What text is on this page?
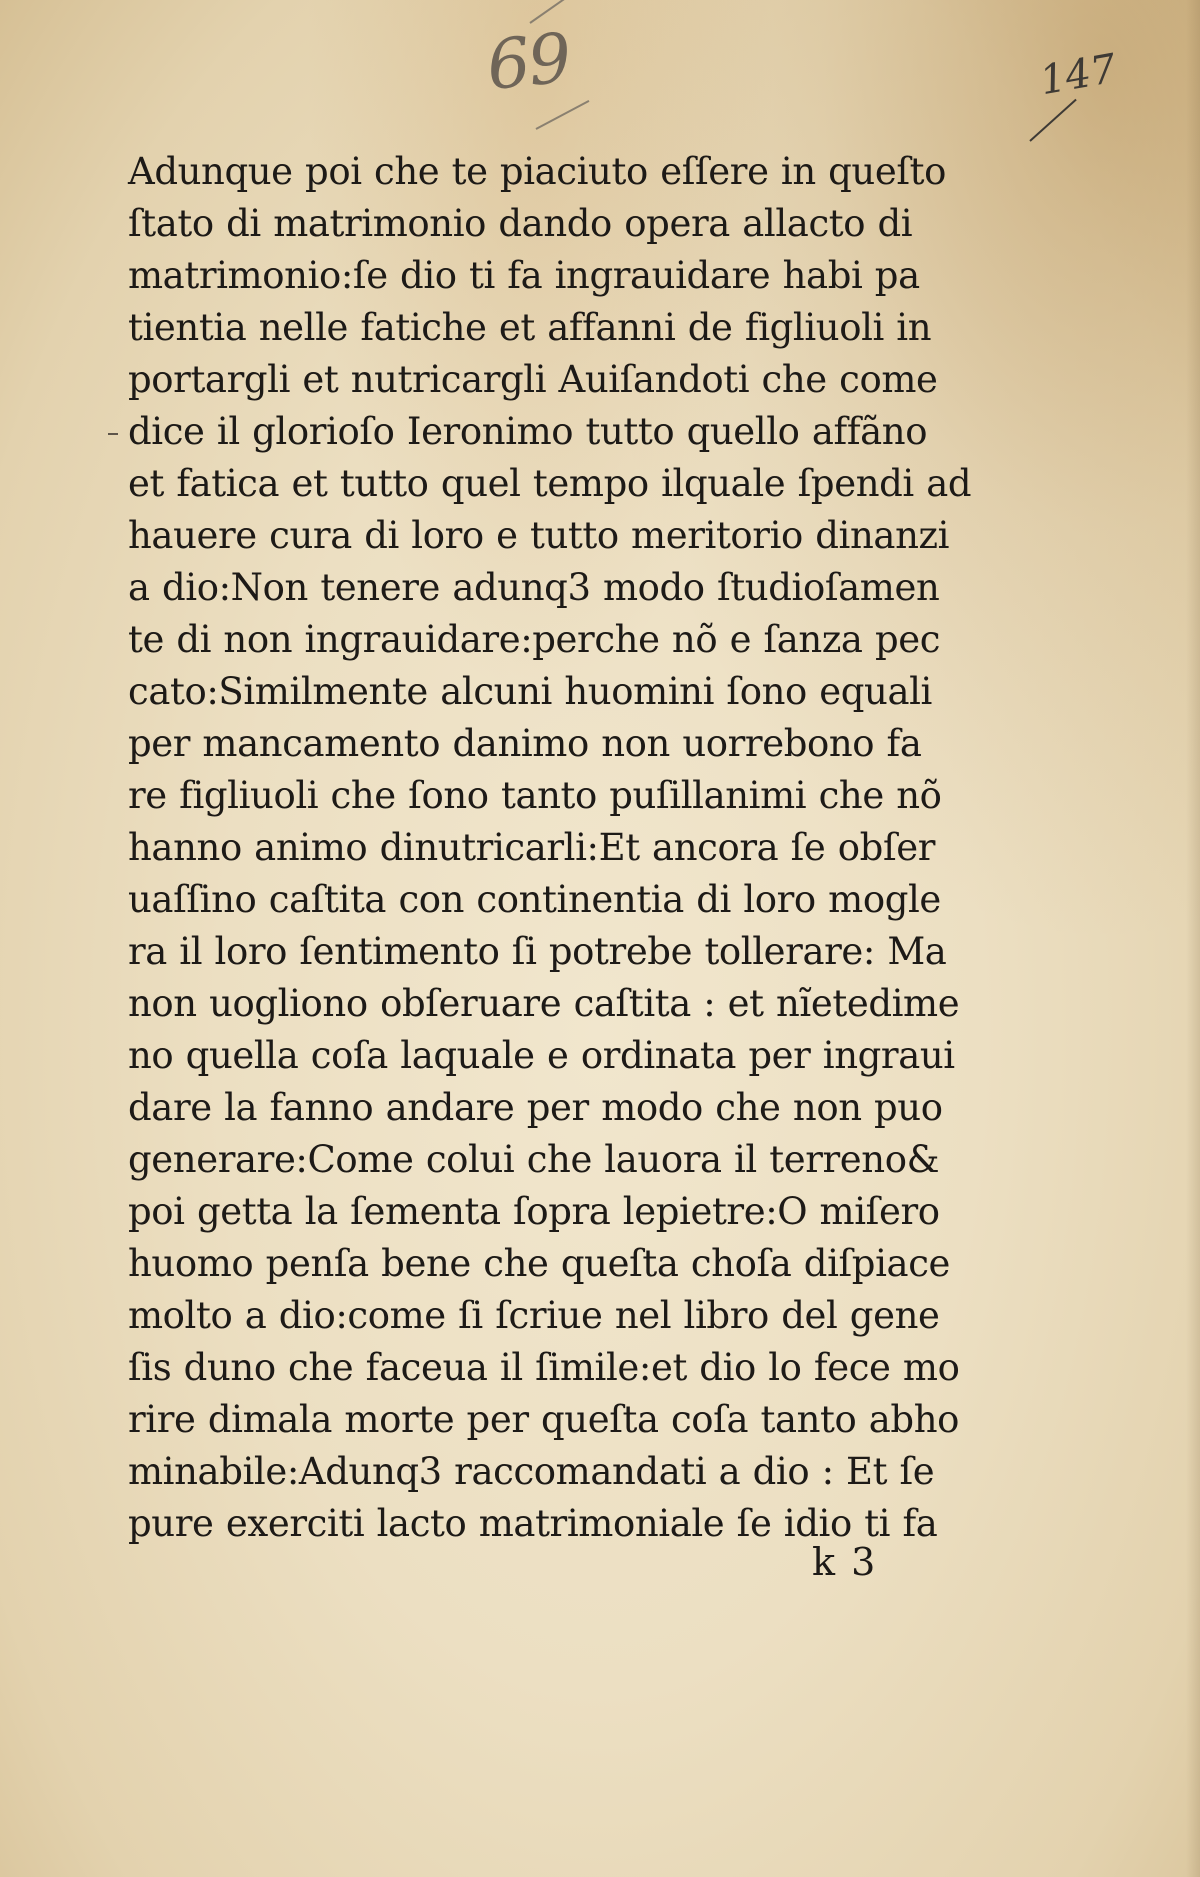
69	147
Adunque poi che te piaciuto eſſere in queſto
ſtato di matrimonio dando opera allacto di
matrimonio:ſe dio ti fa ingrauidare habi pa
tientia nelle fatiche et affanni de figliuoli in
portargli et nutricargli Auiſandoti che come
dice il glorioſo Ieronimo tutto quello affãno
et fatica et tutto quel tempo ilquale ſpendi ad
hauere cura di loro e tutto meritorio dinanzi
a dio:Non tenere adunq3 modo ſtudioſamen
te di non ingrauidare:perche nõ e ſanza pec
cato:Similmente alcuni huomini ſono equali
per mancamento danimo non uorrebono fa
re figliuoli che ſono tanto puſillanimi che nõ
hanno animo dinutricarli:Et ancora ſe obſer
uaſſino caſtita con continentia di loro mogle
ra il loro ſentimento ſi potrebe tollerare: Ma
non uogliono obſeruare caſtita : et nĩetedime
no quella coſa laquale e ordinata per ingraui
dare la fanno andare per modo che non puo
generare:Come colui che lauora il terreno&
poi getta la ſementa ſopra lepietre:O miſero
huomo penſa bene che queſta choſa diſpiace
molto a dio:come ſi ſcriue nel libro del gene
ſis duno che faceua il ſimile:et dio lo fece mo
rire dimala morte per queſta coſa tanto abho
minabile:Adunq3 raccomandati a dio : Et ſe
pure exerciti lacto matrimoniale ſe idio ti fa
k 3
